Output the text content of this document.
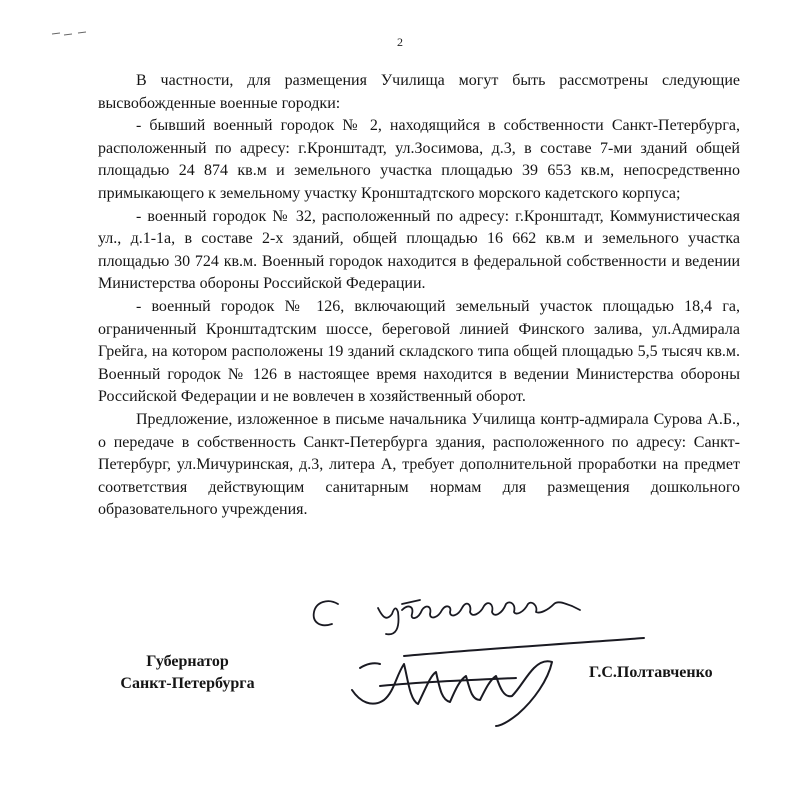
2

В частности, для размещения Училища могут быть рассмотрены следующие высвобожденные военные городки:

- бывший военный городок № 2, находящийся в собственности Санкт-Петербурга, расположенный по адресу: г.Кронштадт, ул.Зосимова, д.3, в составе 7-ми зданий общей площадью 24 874 кв.м и земельного участка площадью 39 653 кв.м, непосредственно примыкающего к земельному участку Кронштадтского морского кадетского корпуса;

- военный городок № 32, расположенный по адресу: г.Кронштадт, Коммунистическая ул., д.1-1а, в составе 2-х зданий, общей площадью 16 662 кв.м и земельного участка площадью 30 724 кв.м. Военный городок находится в федеральной собственности и ведении Министерства обороны Российской Федерации.

- военный городок № 126, включающий земельный участок площадью 18,4 га, ограниченный Кронштадтским шоссе, береговой линией Финского залива, ул.Адмирала Грейга, на котором расположены 19 зданий складского типа общей площадью 5,5 тысяч кв.м. Военный городок № 126 в настоящее время находится в ведении Министерства обороны Российской Федерации и не вовлечен в хозяйственный оборот.

Предложение, изложенное в письме начальника Училища контр-адмирала Сурова А.Б., о передаче в собственность Санкт-Петербурга здания, расположенного по адресу: Санкт-Петербург, ул.Мичуринская, д.3, литера А, требует дополнительной проработки на предмет соответствия действующим санитарным нормам для размещения дошкольного образовательного учреждения.

Губернатор
Санкт-Петербурга
Г.С.Полтавченко
